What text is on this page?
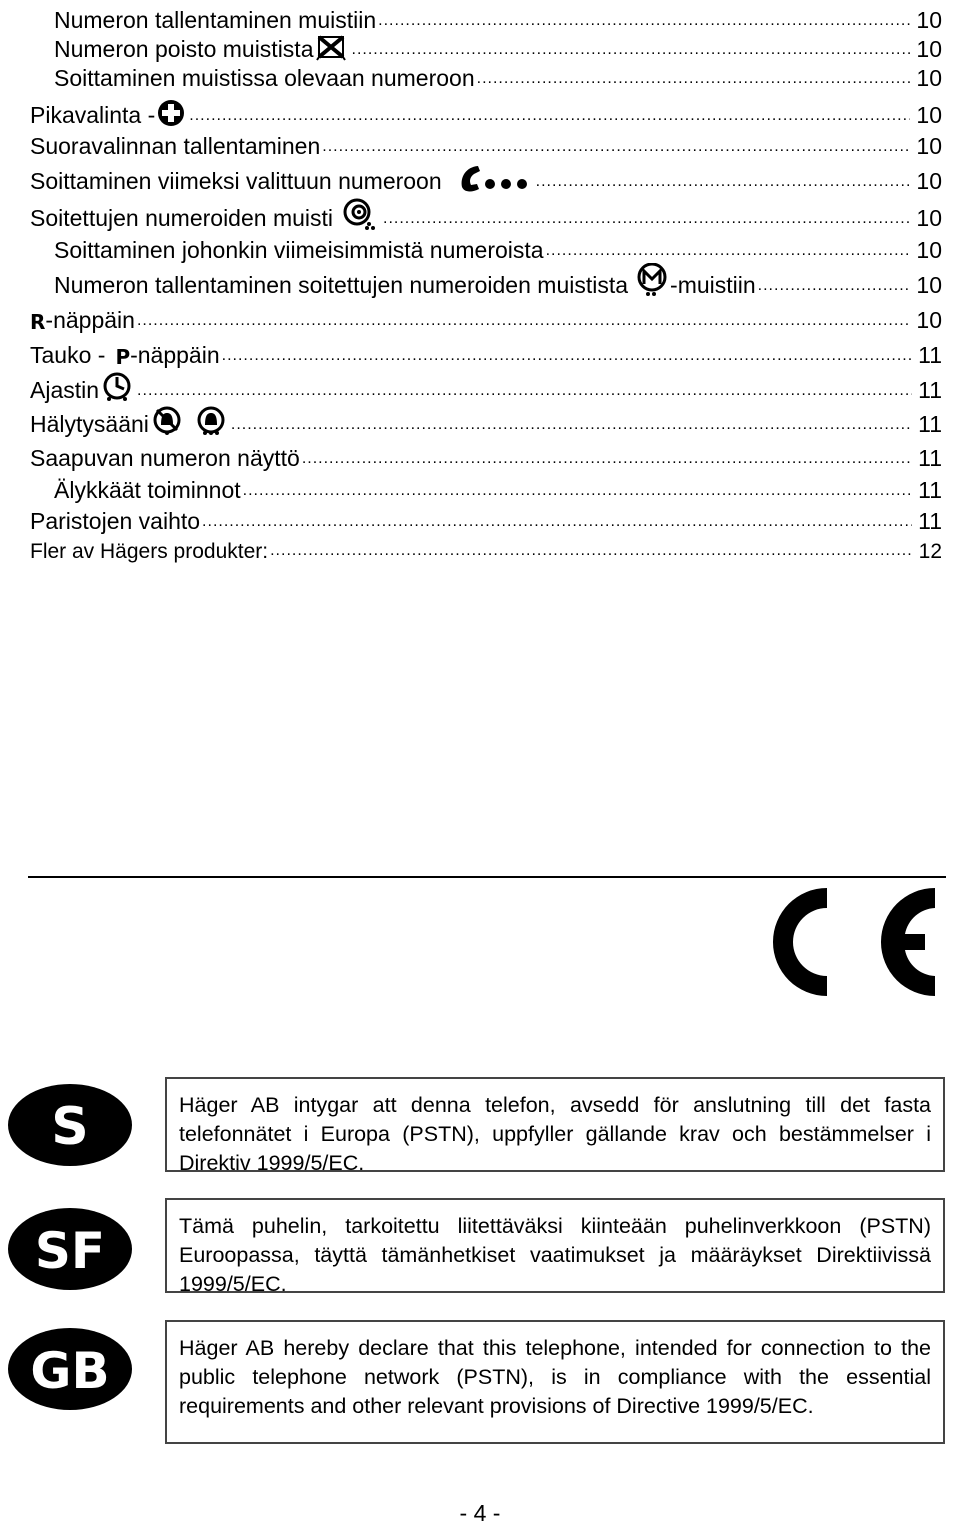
Numeron tallentaminen muistiin .....	10
Numeron poisto muistista .....	10
Soittaminen muistissa olevaan numeroon .....	10
Pikavalinta - .....	10
Suoravalinnan tallentaminen .....	10
Soittaminen viimeksi valittuun numeroon .....	10
Soitettujen numeroiden muisti .....	10
Soittaminen johonkin viimeisimmistä numeroista .....	10
Numeron tallentaminen soitettujen numeroiden muistista -muistiin .....	10
R -näppäin .....	10
Tauko - P -näppäin .....	11
Ajastin .....	11
Hälytysääni .....	11
Saapuvan numeron näyttö .....	11
Älykkäät toiminnot .....	11
Paristojen vaihto .....	11
Fler av Hägers produkter: .....	12
S
SF
GB
Häger AB intygar att denna telefon, avsedd för anslutning till det fasta telefonnätet i Europa (PSTN), uppfyller gällande krav och bestämmelser i Direktiv 1999/5/EC.
Tämä puhelin, tarkoitettu liitettäväksi kiinteään puhelinverkkoon (PSTN) Euroopassa, täyttä tämänhetkiset vaatimukset ja määräykset Direktiivissä 1999/5/EC.
Häger AB hereby declare that this telephone, intended for connection to the public telephone network (PSTN), is in compliance with the essential requirements and other relevant provisions of Directive 1999/5/EC.
- 4 -
